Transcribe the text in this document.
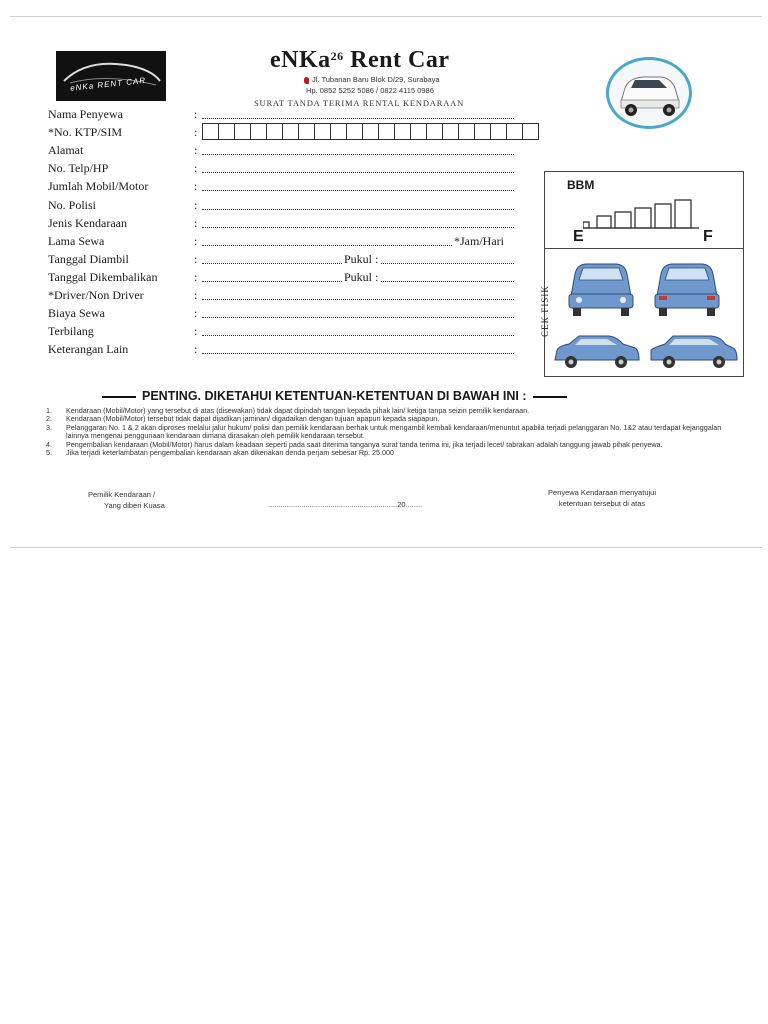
eNKa RENT CAR
eNKa$^{26}$ Rent Car
Jl. Tubanan Baru Blok D/29, Surabaya
Hp. 0852 5252 5086 / 0822 4115 0986
SURAT TANDA TERIMA RENTAL KENDARAAN
Nama Penyewa	:
*No. KTP/SIM	:
Alamat	:
No. Telp/HP	:
Jumlah Mobil/Motor	:
No. Polisi	:
Jenis Kendaraan	:
Lama Sewa	:	*Jam/Hari
Tanggal Diambil	:	Pukul :
Tanggal Dikembalikan	:	Pukul :
*Driver/Non Driver	:
Biaya Sewa	:
Terbilang	:
Keterangan Lain	:
BBM
E	F
CEK FISIK
PENTING. DIKETAHUI KETENTUAN-KETENTUAN DI BAWAH INI :
1. Kendaraan (Mobil/Motor) yang tersebut di atas (disewakan) tidak dapat dipindah tangan kepada pihak lain/ ketiga tanpa seizin pemilik kendaraan.
2. Kendaraan (Mobil/Motor) tersebut tidak dapat dijadikan jaminan/ digadaikan dengan tujuan apapun kepada siapapun.
3. Pelanggaran No. 1 & 2 akan diproses melalui jalur hukum/ polisi dan pemilik kendaraan berhak untuk mengambil kembali kendaraan/menuntut apabila terjadi pelanggaran No. 1&2 atau terdapat kejanggalan lainnya mengenai penggunaan kendaraan dimana dirasakan oleh pemilik kendaraan tersebut.
4. Pengembalian kendaraan (Mobil/Motor) harus dalam keadaan seperti pada saat diterima tanganya surat tanda terima ini, jika terjadi lecet/ tabrakan adalah tanggung jawab pihak penyewa.
5. Jika terjadi keterlambatan pengembalian kendaraan akan dikenakan denda perjam sebesar Rp. 25.000
Pemilik Kendaraan /
Yang diberi Kuasa	..............................................................20........
Penyewa Kendaraan menyatujui
ketentuan tersebut di atas
